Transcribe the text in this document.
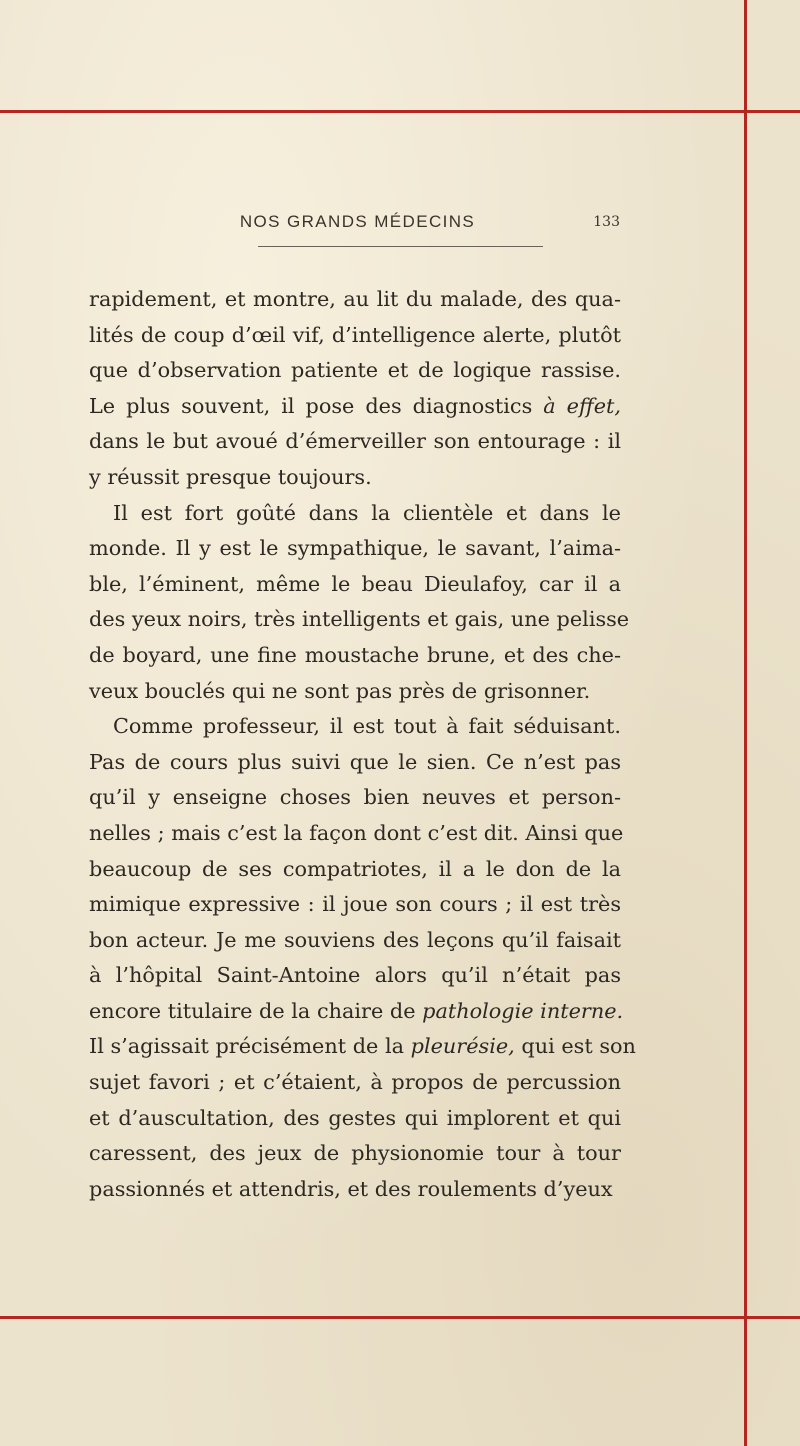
NOS GRANDS MÉDECINS	133
rapidement, et montre, au lit du malade, des qua-
lités de coup d’œil vif, d’intelligence alerte, plutôt
que d’observation patiente et de logique rassise.
Le plus souvent, il pose des diagnostics à effet,
dans le but avoué d’émerveiller son entourage : il
y réussit presque toujours.
Il est fort goûté dans la clientèle et dans le
monde. Il y est le sympathique, le savant, l’aima-
ble, l’éminent, même le beau Dieulafoy, car il a
des yeux noirs, très intelligents et gais, une pelisse
de boyard, une fine moustache brune, et des che-
veux bouclés qui ne sont pas près de grisonner.
Comme professeur, il est tout à fait séduisant.
Pas de cours plus suivi que le sien. Ce n’est pas
qu’il y enseigne choses bien neuves et person-
nelles ; mais c’est la façon dont c’est dit. Ainsi que
beaucoup de ses compatriotes, il a le don de la
mimique expressive : il joue son cours ; il est très
bon acteur. Je me souviens des leçons qu’il faisait
à l’hôpital Saint-Antoine alors qu’il n’était pas
encore titulaire de la chaire de pathologie interne.
Il s’agissait précisément de la pleurésie, qui est son
sujet favori ; et c’étaient, à propos de percussion
et d’auscultation, des gestes qui implorent et qui
caressent, des jeux de physionomie tour à tour
passionnés et attendris, et des roulements d’yeux
